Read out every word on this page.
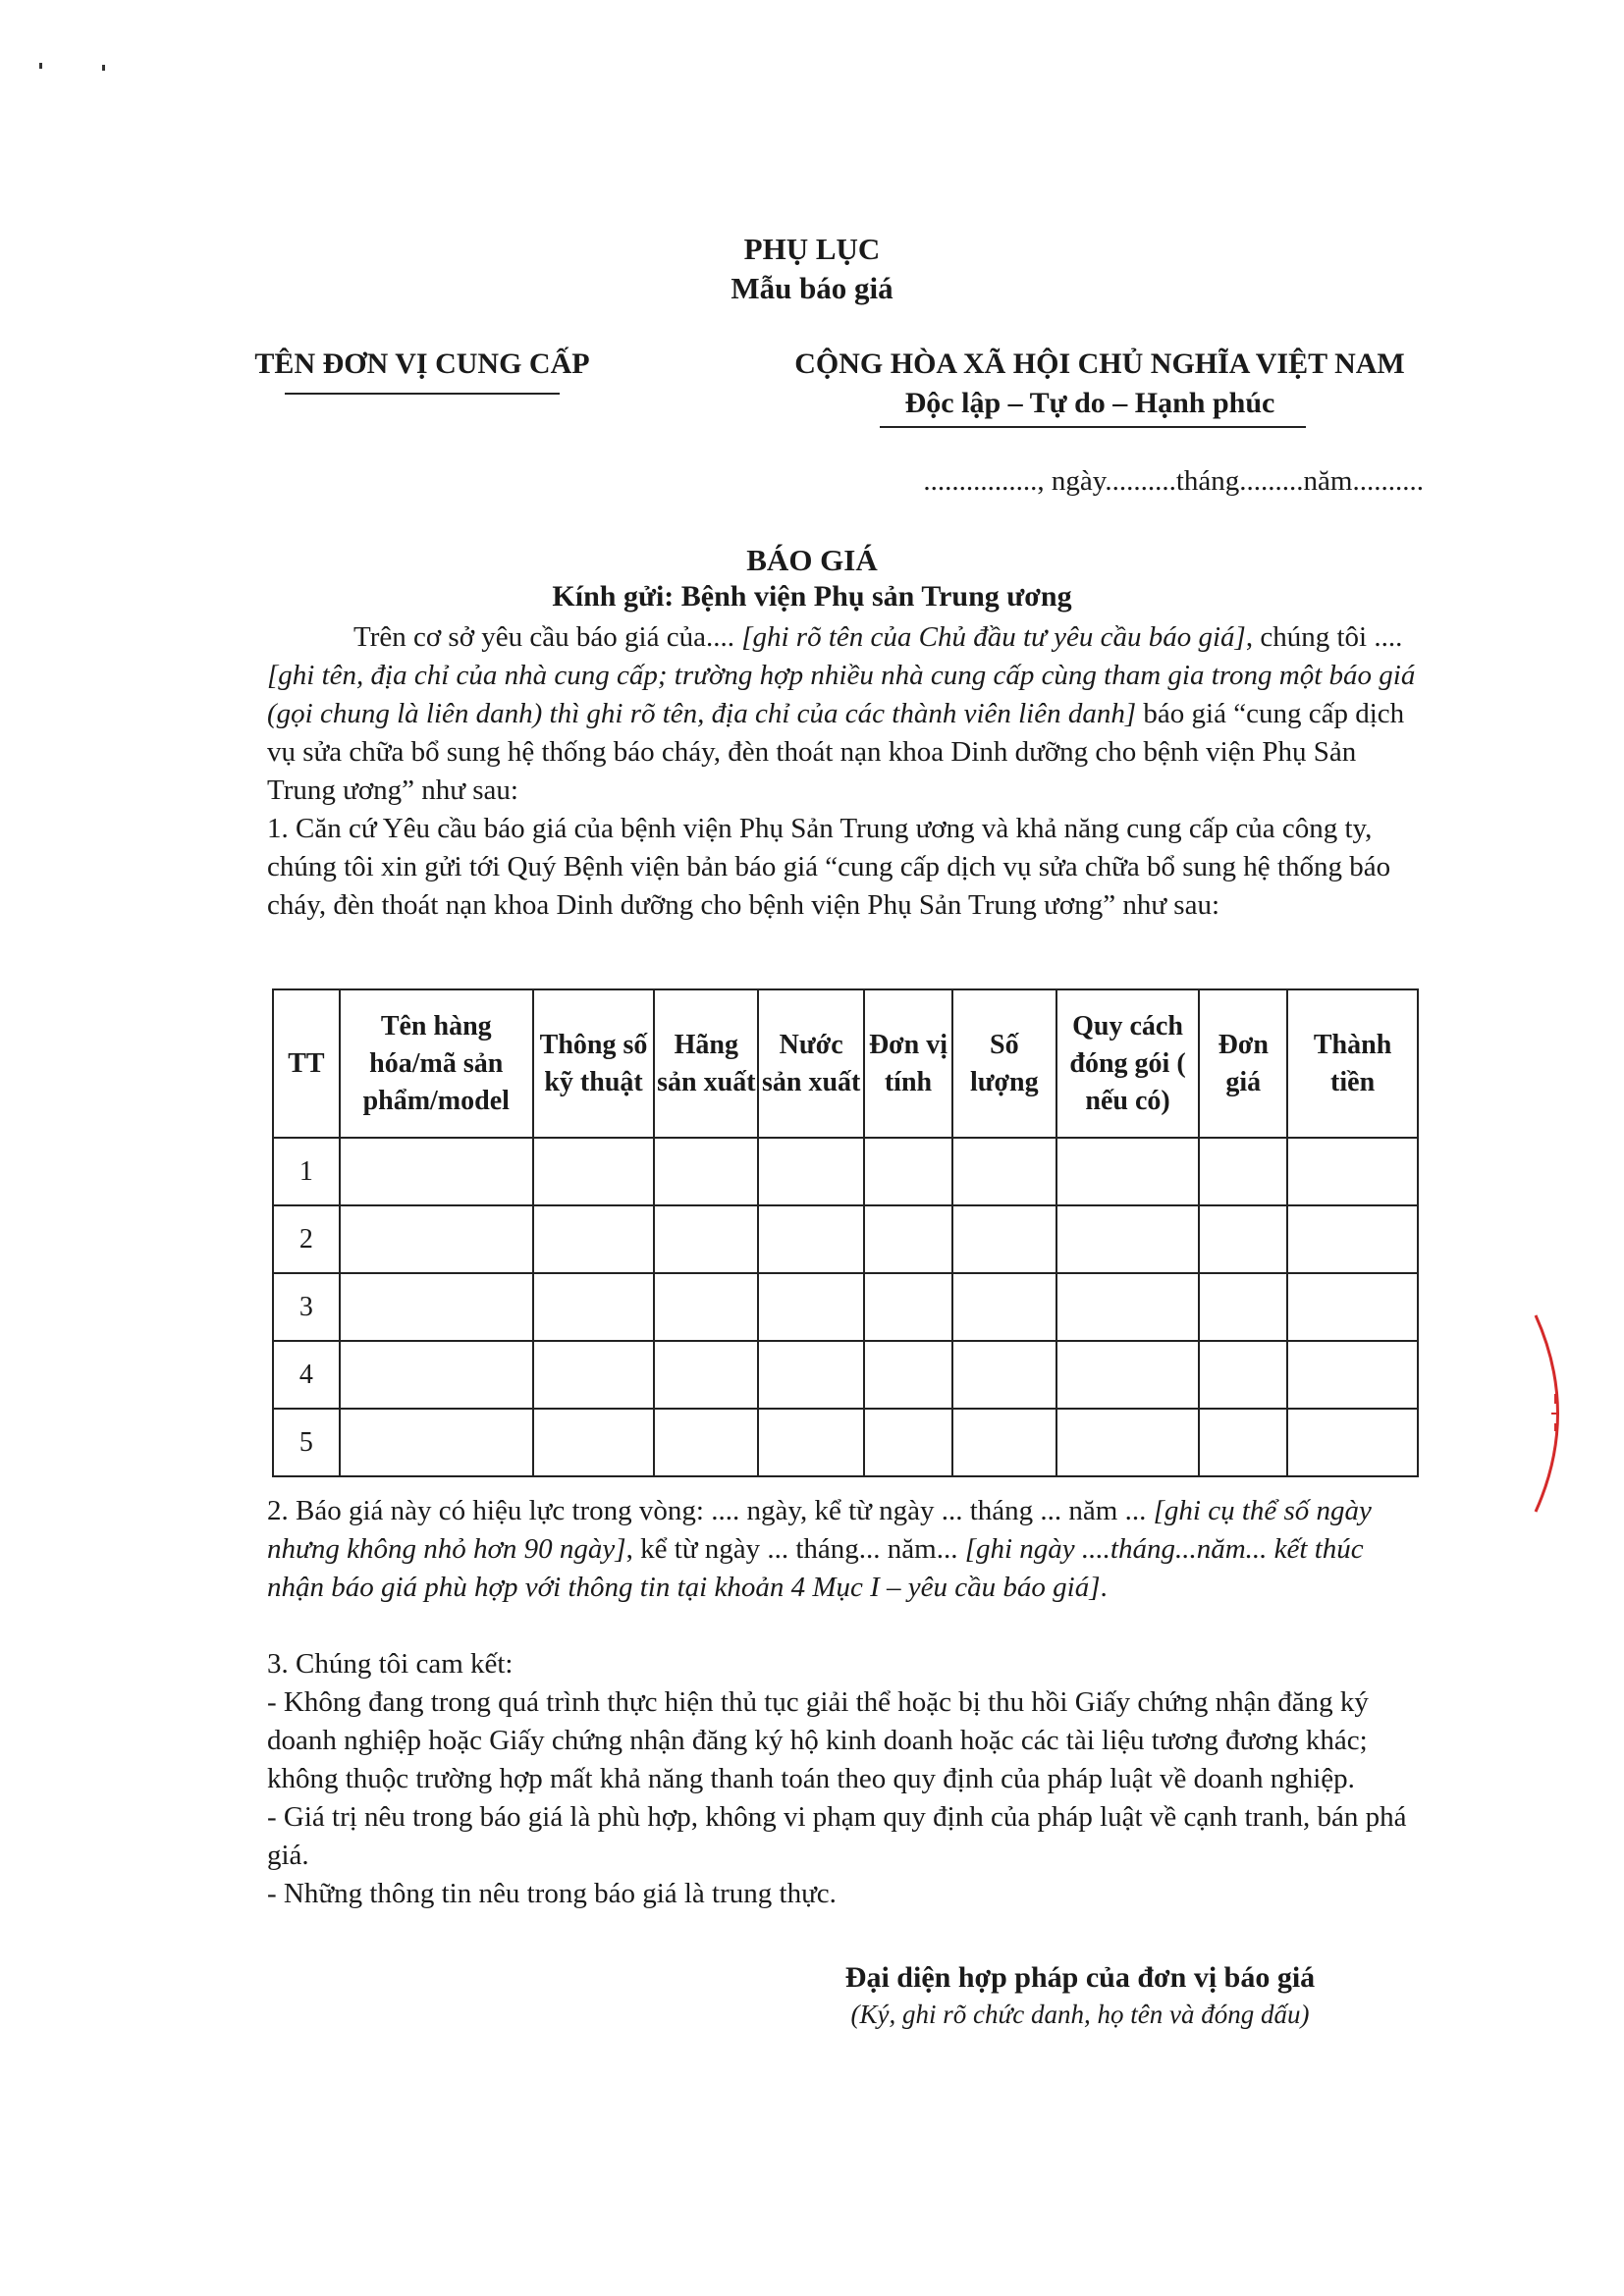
PHỤ LỤC
Mẫu báo giá
TÊN ĐƠN VỊ CUNG CẤP	CỘNG HÒA XÃ HỘI CHỦ NGHĨA VIỆT NAM
Độc lập – Tự do – Hạnh phúc
................, ngày..........tháng.........năm..........
BÁO GIÁ
Kính gửi: Bệnh viện Phụ sản Trung ương
Trên cơ sở yêu cầu báo giá của.... [ghi rõ tên của Chủ đầu tư yêu cầu báo giá], chúng tôi .... [ghi tên, địa chỉ của nhà cung cấp; trường hợp nhiều nhà cung cấp cùng tham gia trong một báo giá (gọi chung là liên danh) thì ghi rõ tên, địa chỉ của các thành viên liên danh] báo giá “cung cấp dịch vụ sửa chữa bổ sung hệ thống báo cháy, đèn thoát nạn khoa Dinh dưỡng cho bệnh viện Phụ Sản Trung ương” như sau:
1. Căn cứ Yêu cầu báo giá của bệnh viện Phụ Sản Trung ương và khả năng cung cấp của công ty, chúng tôi xin gửi tới Quý Bệnh viện bản báo giá “cung cấp dịch vụ sửa chữa bổ sung hệ thống báo cháy, đèn thoát nạn khoa Dinh dưỡng cho bệnh viện Phụ Sản Trung ương” như sau:
TT	Tên hàng hóa/mã sản phẩm/model	Thông số kỹ thuật	Hãng sản xuất	Nước sản xuất	Đơn vị tính	Số lượng	Quy cách đóng gói ( nếu có)	Đơn giá	Thành tiền
1									
2									
3									
4									
5									
2. Báo giá này có hiệu lực trong vòng: .... ngày, kể từ ngày ... tháng ... năm ... [ghi cụ thể số ngày nhưng không nhỏ hơn 90 ngày], kể từ ngày ... tháng... năm... [ghi ngày ....tháng...năm... kết thúc nhận báo giá phù hợp với thông tin tại khoản 4 Mục I – yêu cầu báo giá].
3. Chúng tôi cam kết:
- Không đang trong quá trình thực hiện thủ tục giải thể hoặc bị thu hồi Giấy chứng nhận đăng ký doanh nghiệp hoặc Giấy chứng nhận đăng ký hộ kinh doanh hoặc các tài liệu tương đương khác; không thuộc trường hợp mất khả năng thanh toán theo quy định của pháp luật về doanh nghiệp.
- Giá trị nêu trong báo giá là phù hợp, không vi phạm quy định của pháp luật về cạnh tranh, bán phá giá.
- Những thông tin nêu trong báo giá là trung thực.
Đại diện hợp pháp của đơn vị báo giá
(Ký, ghi rõ chức danh, họ tên và đóng dấu)
